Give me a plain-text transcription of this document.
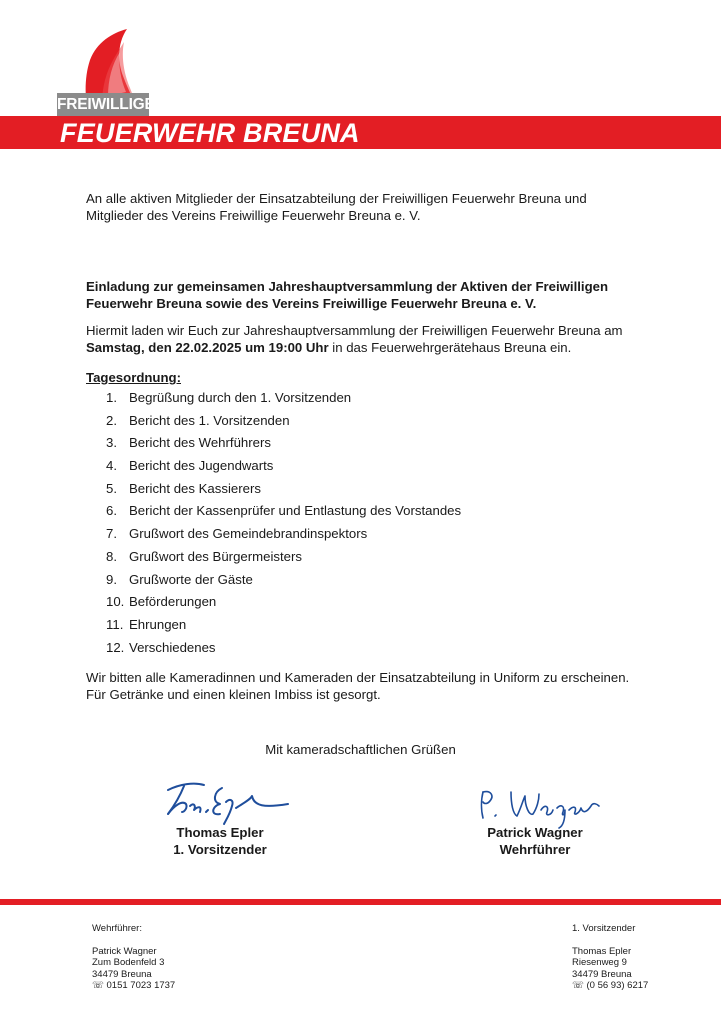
FREIWILLIGE
FEUERWEHR BREUNA
An alle aktiven Mitglieder der Einsatzabteilung der Freiwilligen Feuerwehr Breuna und
Mitglieder des Vereins Freiwillige Feuerwehr Breuna e. V.
Einladung zur gemeinsamen Jahreshauptversammlung der Aktiven der Freiwilligen
Feuerwehr Breuna sowie des Vereins Freiwillige Feuerwehr Breuna e. V.
Hiermit laden wir Euch zur Jahreshauptversammlung der Freiwilligen Feuerwehr Breuna am
Samstag, den 22.02.2025 um 19:00 Uhr in das Feuerwehrgerätehaus Breuna ein.
Tagesordnung:
1. Begrüßung durch den 1. Vorsitzenden
2. Bericht des 1. Vorsitzenden
3. Bericht des Wehrführers
4. Bericht des Jugendwarts
5. Bericht des Kassierers
6. Bericht der Kassenprüfer und Entlastung des Vorstandes
7. Grußwort des Gemeindebrandinspektors
8. Grußwort des Bürgermeisters
9. Grußworte der Gäste
10. Beförderungen
11. Ehrungen
12. Verschiedenes
Wir bitten alle Kameradinnen und Kameraden der Einsatzabteilung in Uniform zu erscheinen.
Für Getränke und einen kleinen Imbiss ist gesorgt.
Mit kameradschaftlichen Grüßen
Thomas Epler
1. Vorsitzender
Patrick Wagner
Wehrführer
Wehrführer:
Patrick Wagner
Zum Bodenfeld 3
34479 Breuna
☏ 0151 7023 1737
1. Vorsitzender
Thomas Epler
Riesenweg 9
34479 Breuna
☏ (0 56 93) 6217
